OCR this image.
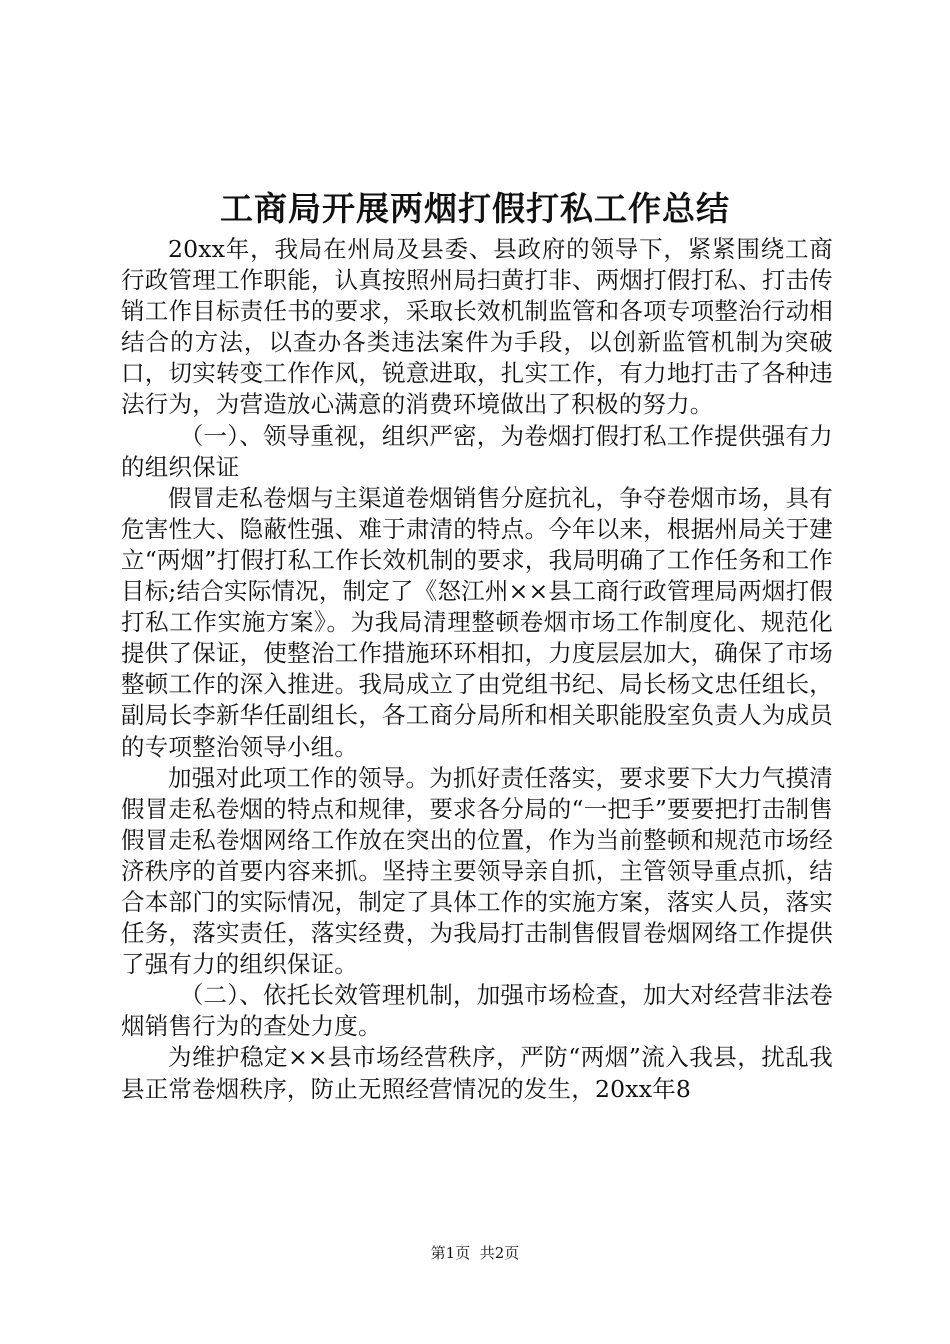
工商局开展两烟打假打私工作总结

20xx年，我局在州局及县委、县政府的领导下，紧紧围绕工商行政管理工作职能，认真按照州局扫黄打非、两烟打假打私、打击传销工作目标责任书的要求，采取长效机制监管和各项专项整治行动相结合的方法，以查办各类违法案件为手段，以创新监管机制为突破口，切实转变工作作风，锐意进取，扎实工作，有力地打击了各种违法行为，为营造放心满意的消费环境做出了积极的努力。

（一）、领导重视，组织严密，为卷烟打假打私工作提供强有力的组织保证

假冒走私卷烟与主渠道卷烟销售分庭抗礼，争夺卷烟市场，具有危害性大、隐蔽性强、难于肃清的特点。今年以来，根据州局关于建立“两烟”打假打私工作长效机制的要求，我局明确了工作任务和工作目标;结合实际情况，制定了《怒江州××县工商行政管理局两烟打假打私工作实施方案》。为我局清理整顿卷烟市场工作制度化、规范化提供了保证，使整治工作措施环环相扣，力度层层加大，确保了市场整顿工作的深入推进。我局成立了由党组书纪、局长杨文忠任组长，副局长李新华任副组长，各工商分局所和相关职能股室负责人为成员的专项整治领导小组。

加强对此项工作的领导。为抓好责任落实，要求要下大力气摸清假冒走私卷烟的特点和规律，要求各分局的“一把手”要要把打击制售假冒走私卷烟网络工作放在突出的位置，作为当前整顿和规范市场经济秩序的首要内容来抓。坚持主要领导亲自抓，主管领导重点抓，结合本部门的实际情况，制定了具体工作的实施方案，落实人员，落实任务，落实责任，落实经费，为我局打击制售假冒卷烟网络工作提供了强有力的组织保证。

（二）、依托长效管理机制，加强市场检查，加大对经营非法卷烟销售行为的查处力度。

为维护稳定××县市场经营秩序，严防“两烟”流入我县，扰乱我县正常卷烟秩序，防止无照经营情况的发生，20xx年8

第1页 共2页
